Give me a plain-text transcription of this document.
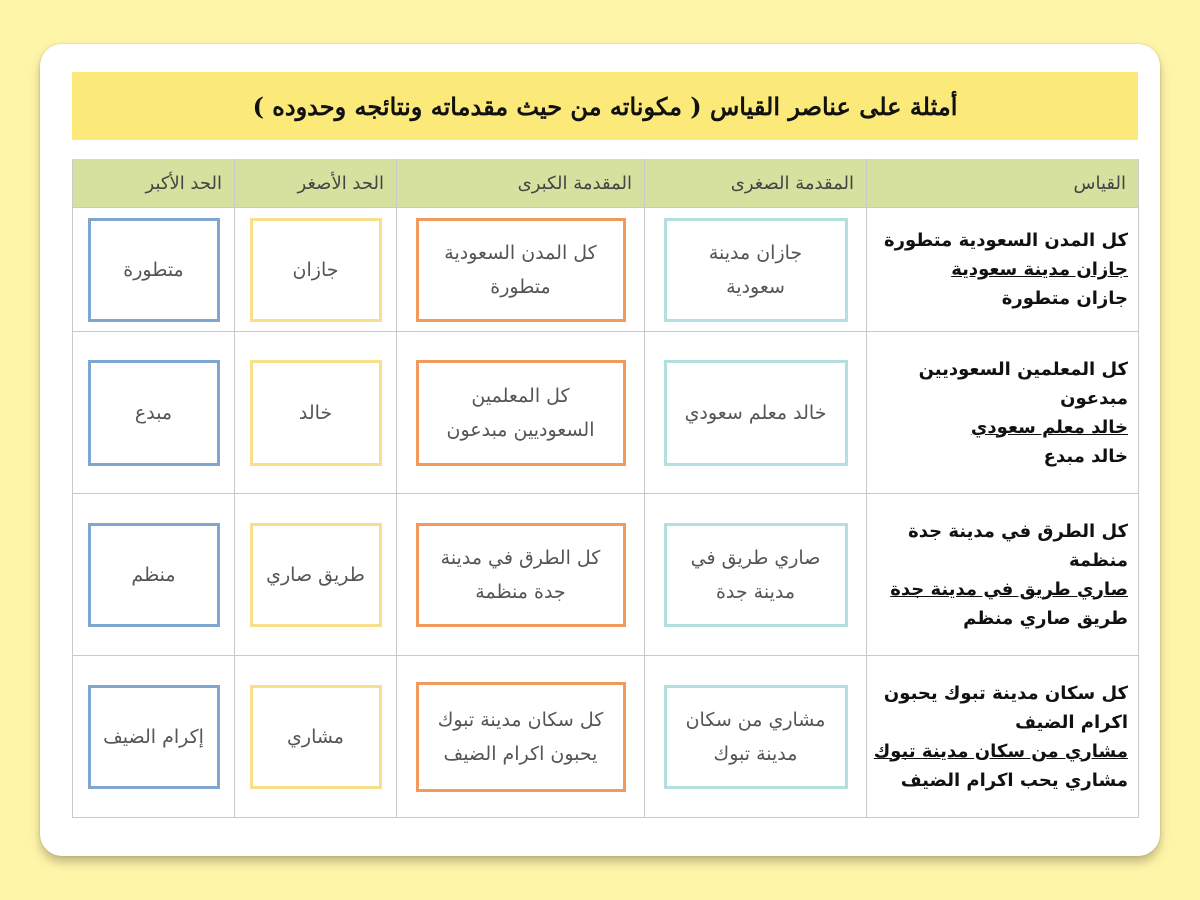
أمثلة على عناصر القياس ( مكوناته من حيث مقدماته ونتائجه وحدوده )
القياس	المقدمة الصغرى	المقدمة الكبرى	الحد الأصغر	الحد الأكبر

كل المدن السعودية متطورة
جازان مدينة سعودية
جازان متطورة	جازان مدينة سعودية	كل المدن السعودية متطورة	جازان	متطورة

كل المعلمين السعوديين
مبدعون
خالد معلم سعودي
خالد مبدع	خالد معلم سعودي	كل المعلمين السعوديين مبدعون	خالد	مبدع

كل الطرق في مدينة جدة
منظمة
صاري طريق في مدينة جدة
طريق صاري منظم	صاري طريق في مدينة جدة	كل الطرق في مدينة جدة منظمة	طريق صاري	منظم

كل سكان مدينة تبوك يحبون
اكرام الضيف
مشاري من سكان مدينة تبوك
مشاري يحب اكرام الضيف	مشاري من سكان مدينة تبوك	كل سكان مدينة تبوك يحبون اكرام الضيف	مشاري	إكرام الضيف
